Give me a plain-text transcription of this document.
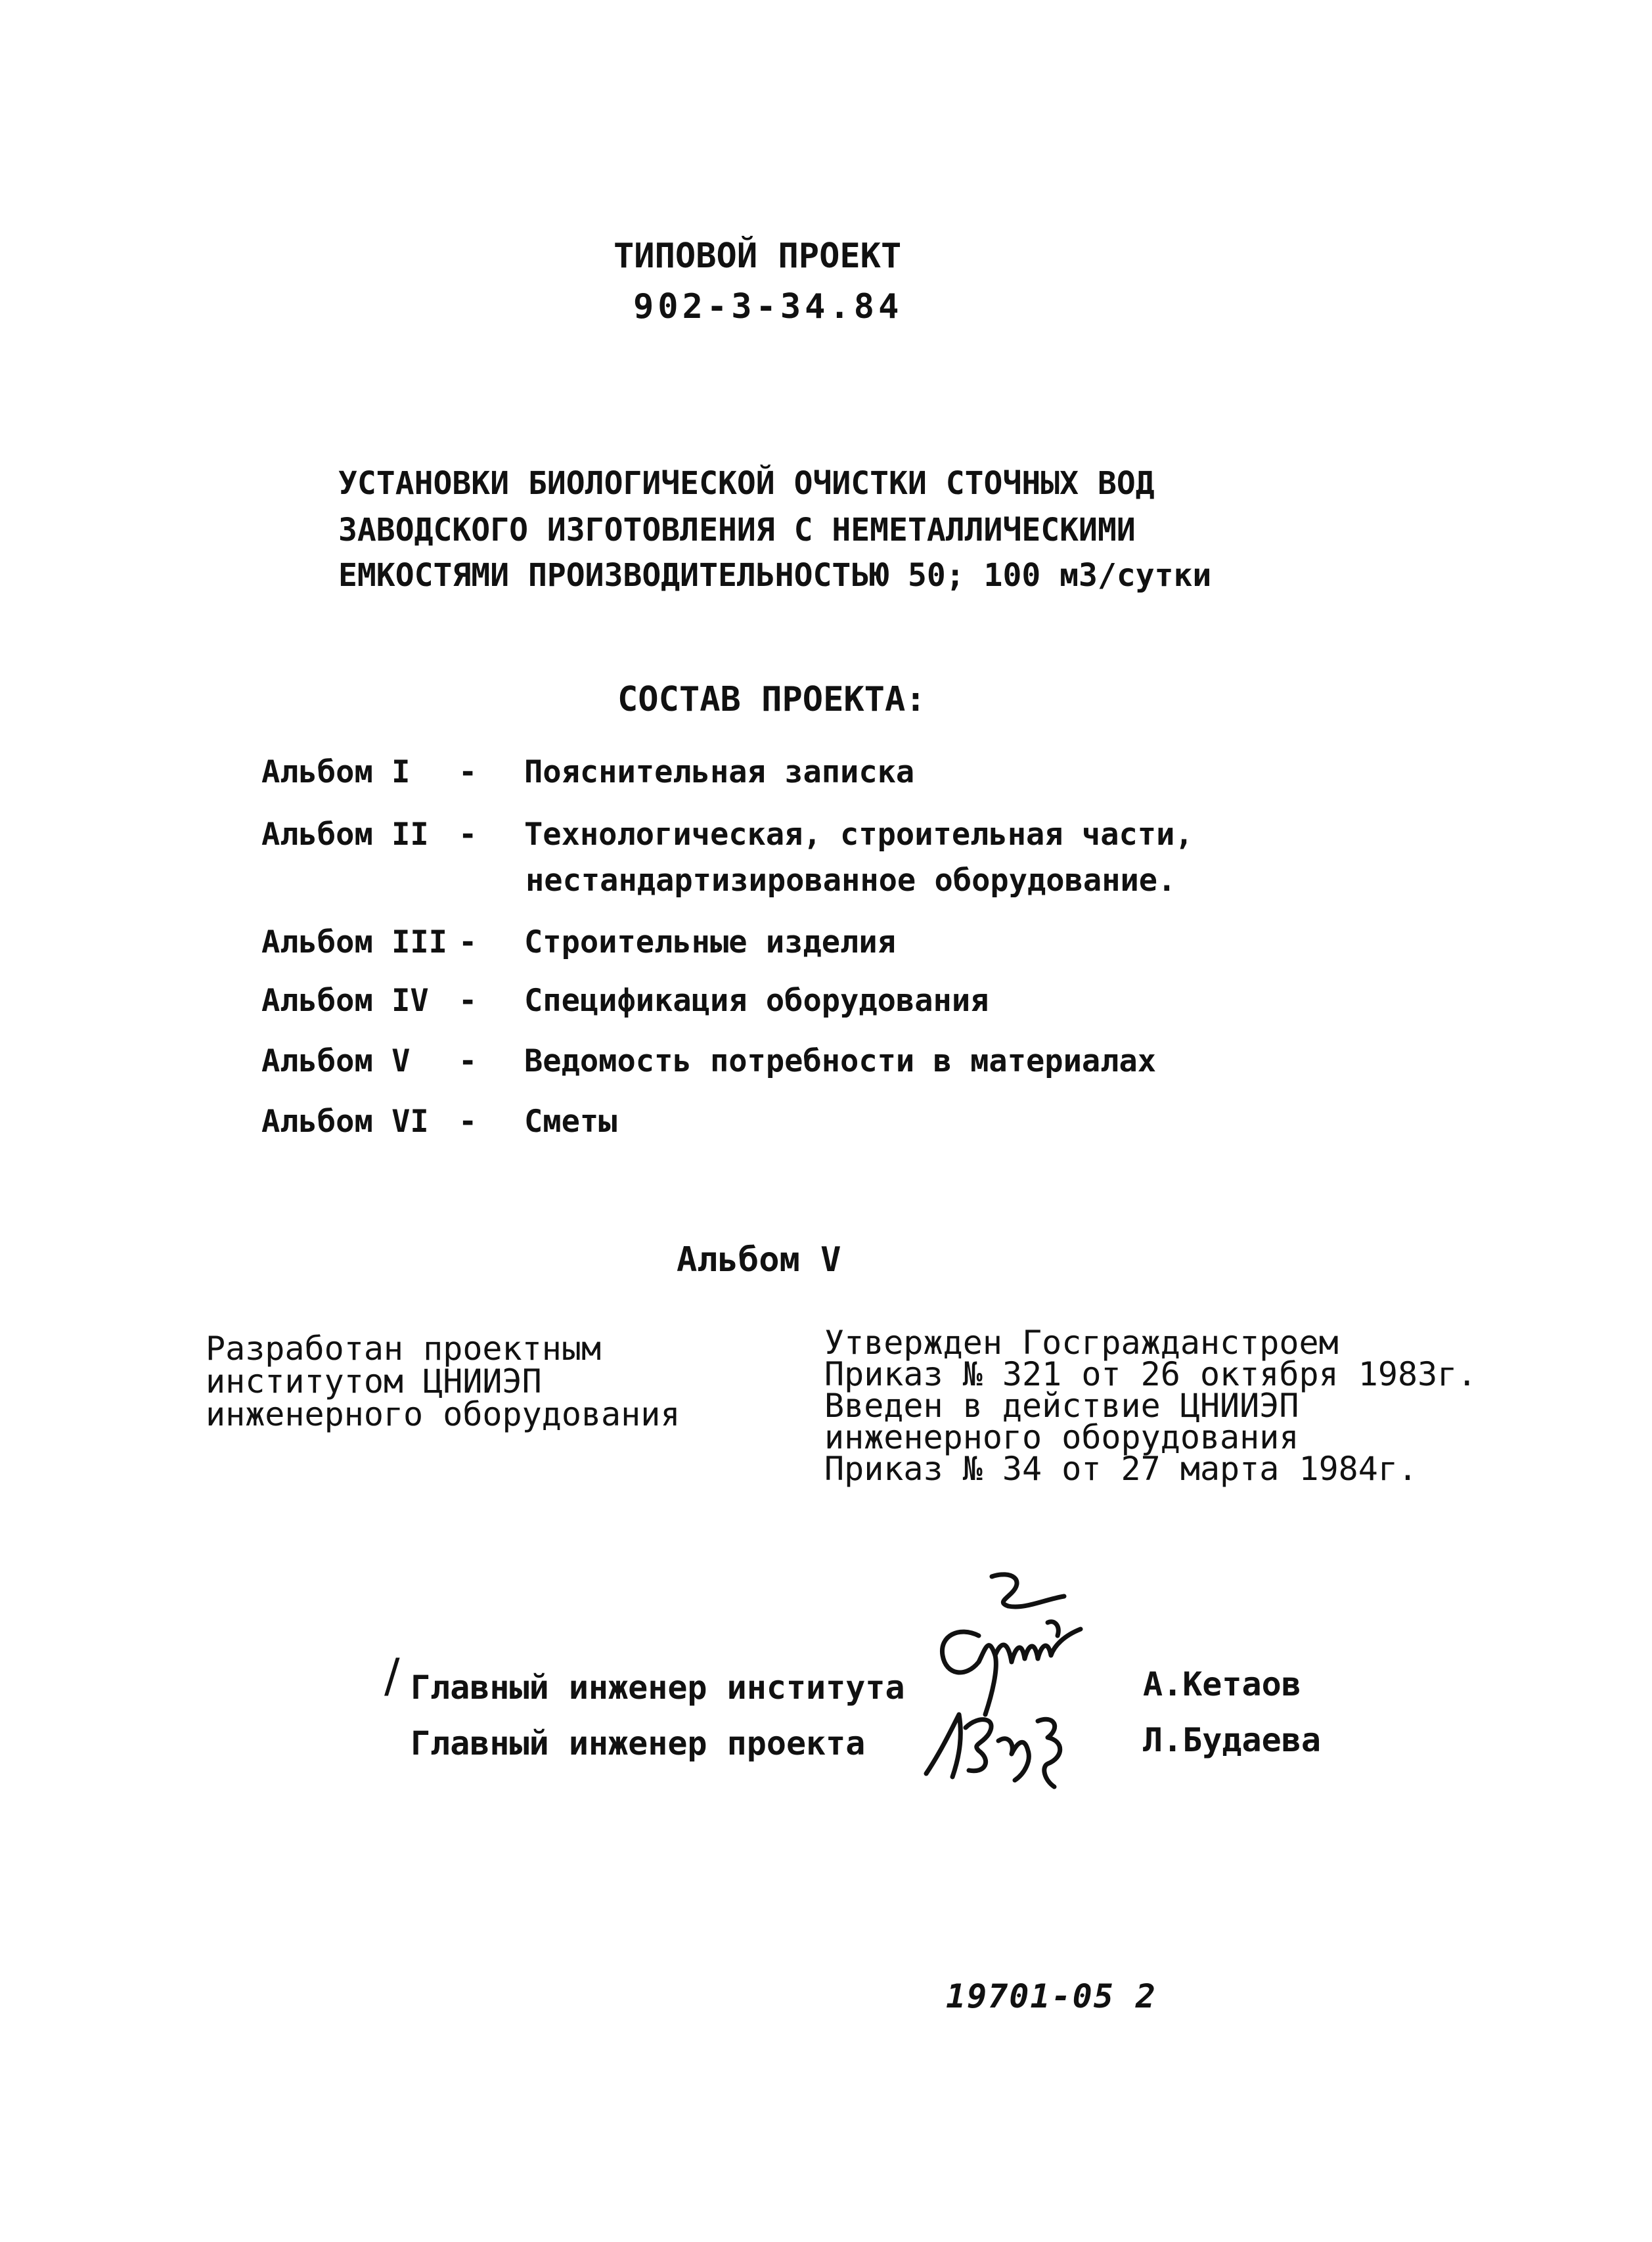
ТИПОВОЙ ПРОЕКТ
902-3-34.84
УСТАНОВКИ БИОЛОГИЧЕСКОЙ ОЧИСТКИ СТОЧНЫХ ВОД
ЗАВОДСКОГО ИЗГОТОВЛЕНИЯ С НЕМЕТАЛЛИЧЕСКИМИ
ЕМКОСТЯМИ ПРОИЗВОДИТЕЛЬНОСТЬЮ 50; 100 м3/сутки
СОСТАВ ПРОЕКТА:
Альбом I - Пояснительная записка
Альбом II - Технологическая, строительная части,
нестандартизированное оборудование.
Альбом III - Строительные изделия
Альбом IV - Спецификация оборудования
Альбом V - Ведомость потребности в материалах
Альбом VI - Сметы
Альбом V
Разработан проектным
институтом ЦНИИЭП
инженерного оборудования
Утвержден Госгражданстроем
Приказ № 321 от 26 октября 1983г.
Введен в действие ЦНИИЭП
инженерного оборудования
Приказ № 34 от 27 марта 1984г.
/ Главный инженер института	А.Кетаов
Главный инженер проекта	Л.Будаева
19701-05 2
